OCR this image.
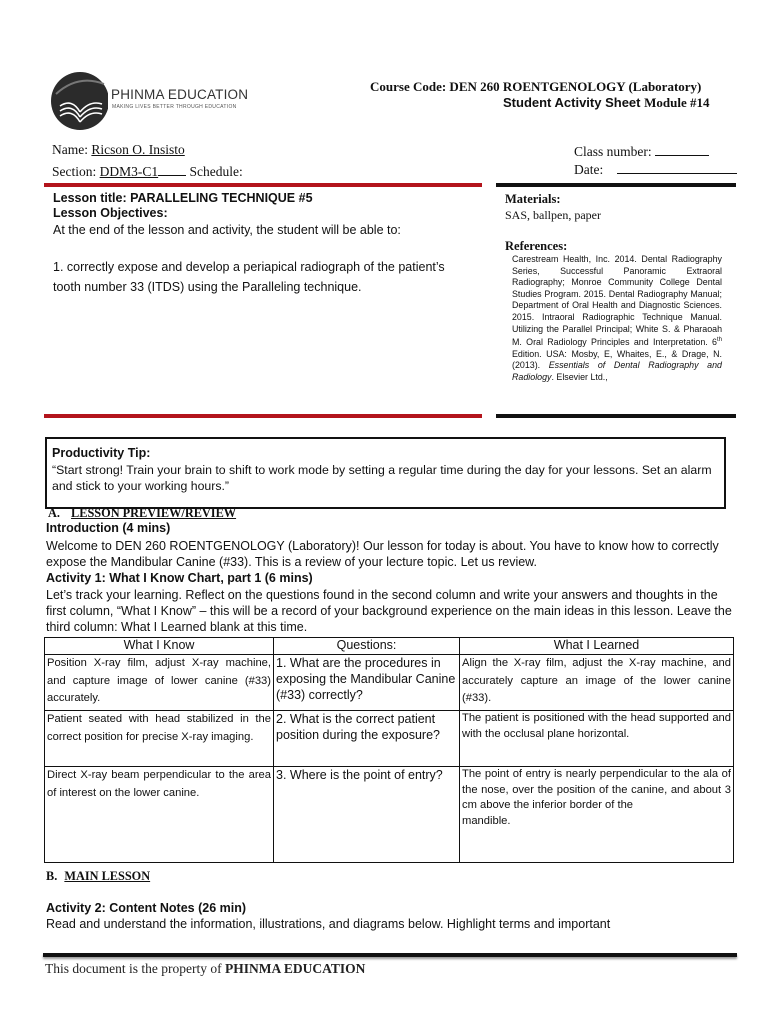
PHINMA EDUCATION
MAKING LIVES BETTER THROUGH EDUCATION
Course Code: DEN 260 ROENTGENOLOGY (Laboratory)
Student Activity Sheet Module #14
Name: Ricson O. Insisto
Section: DDM3-C1 Schedule:
Class number:
Date:
Lesson title: PARALLELING TECHNIQUE #5
Lesson Objectives:
At the end of the lesson and activity, the student will be able to:
1. correctly expose and develop a periapical radiograph of the patient’s tooth number 33 (ITDS) using the Paralleling technique.
Materials:
SAS, ballpen, paper
References:
Carestream Health, Inc. 2014. Dental Radiography Series, Successful Panoramic Extraoral Radiography; Monroe Community College Dental Studies Program. 2015. Dental Radiography Manual; Department of Oral Health and Diagnostic Sciences. 2015. Intraoral Radiographic Technique Manual. Utilizing the Parallel Principal; White S. & Pharaoah M. Oral Radiology Principles and Interpretation. 6th Edition. USA: Mosby, E, Whaites, E., & Drage, N. (2013). Essentials of Dental Radiography and Radiology. Elsevier Ltd.,
Productivity Tip:
“Start strong! Train your brain to shift to work mode by setting a regular time during the day for your lessons. Set an alarm and stick to your working hours.”
A. LESSON PREVIEW/REVIEW
Introduction (4 mins)
Welcome to DEN 260 ROENTGENOLOGY (Laboratory)! Our lesson for today is about. You have to know how to correctly expose the Mandibular Canine (#33). This is a review of your lecture topic. Let us review.
Activity 1: What I Know Chart, part 1 (6 mins)
Let’s track your learning. Reflect on the questions found in the second column and write your answers and thoughts in the first column, “What I Know” – this will be a record of your background experience on the main ideas in this lesson. Leave the third column: What I Learned blank at this time.
What I Know	Questions:	What I Learned
Position X-ray film, adjust X-ray machine, and capture image of lower canine (#33) accurately.	1. What are the procedures in exposing the Mandibular Canine (#33) correctly?	Align the X-ray film, adjust the X-ray machine, and accurately capture an image of the lower canine (#33).
Patient seated with head stabilized in the correct position for precise X-ray imaging.	2. What is the correct patient position during the exposure?	The patient is positioned with the head supported and with the occlusal plane horizontal.
Direct X-ray beam perpendicular to the area of interest on the lower canine.	3. Where is the point of entry?	The point of entry is nearly perpendicular to the ala of the nose, over the position of the canine, and about 3 cm above the inferior border of the
mandible.
B. MAIN LESSON
Activity 2: Content Notes (26 min)
Read and understand the information, illustrations, and diagrams below. Highlight terms and important
This document is the property of PHINMA EDUCATION
